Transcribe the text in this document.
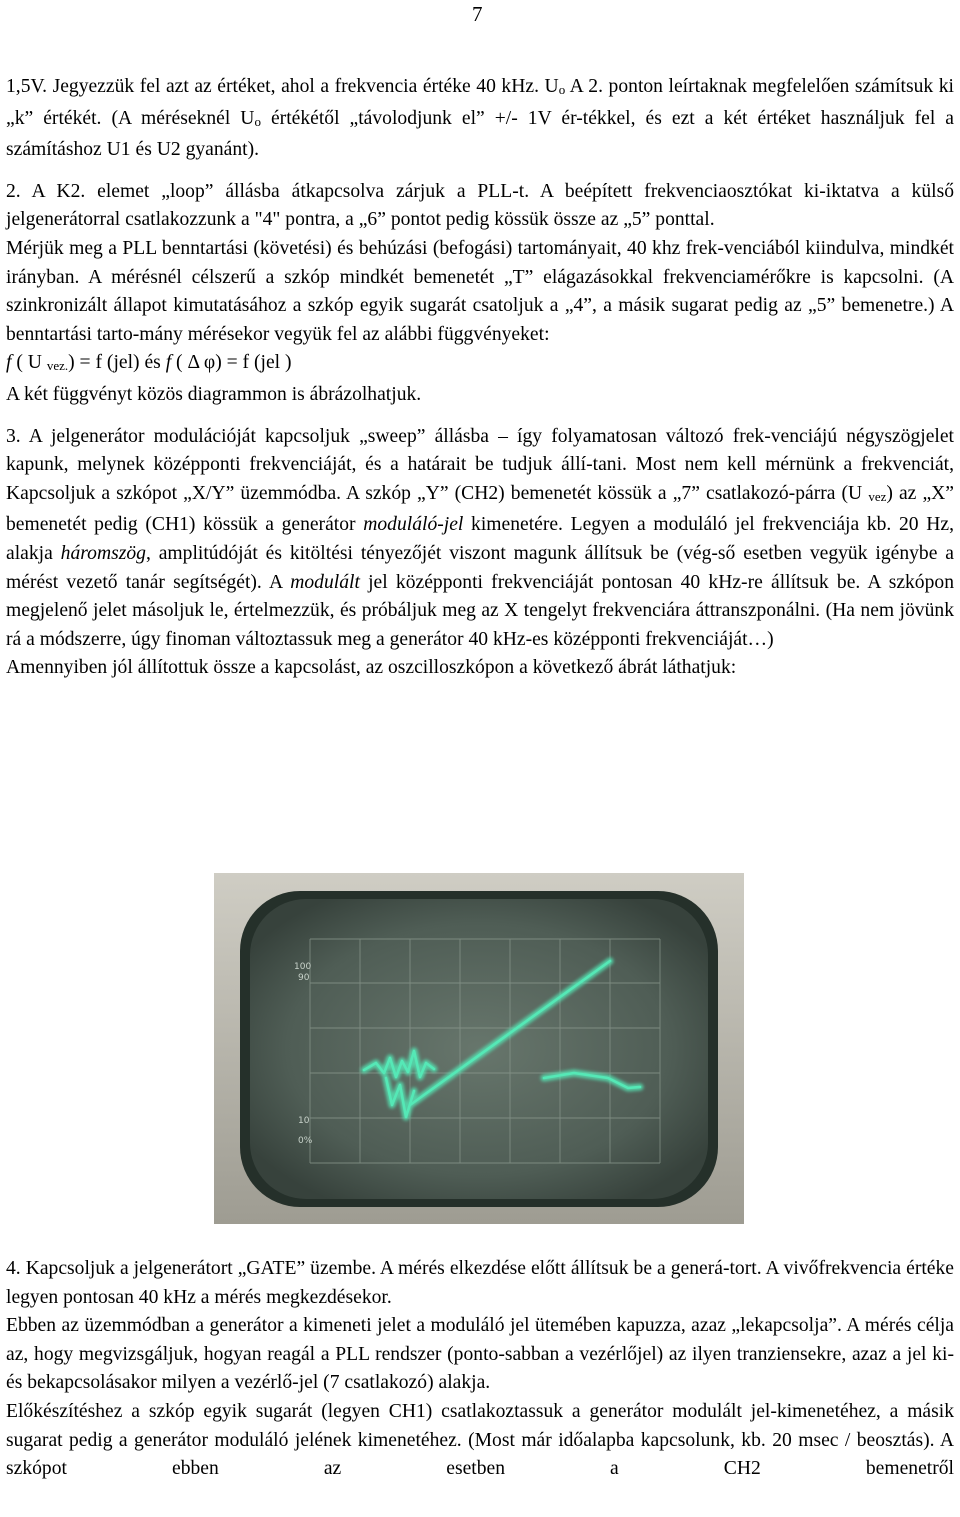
7

1,5V. Jegyezzük fel azt az értéket, ahol a frekvencia értéke 40 kHz. Uo A 2. ponton leírtaknak megfelelően számítsuk ki „k” értékét. (A méréseknél Uo értékétől „távolodjunk el” +/- 1V ér-tékkel, és ezt a két értéket használjuk fel a számításhoz U1 és U2 gyanánt).

2. A K2. elemet „loop” állásba átkapcsolva zárjuk a PLL-t. A beépített frekvenciaosztókat ki-iktatva a külső jelgenerátorral csatlakozzunk a "4" pontra, a „6” pontot pedig kössük össze az „5” ponttal.

Mérjük meg a PLL benntartási (követési) és behúzási (befogási) tartományait, 40 khz frek-venciából kiindulva, mindkét irányban. A mérésnél célszerű a szkóp mindkét bemenetét „T” elágazásokkal frekvenciamérőkre is kapcsolni. (A szinkronizált állapot kimutatásához a szkóp egyik sugarát csatoljuk a „4”, a másik sugarat pedig az „5” bemenetre.) A benntartási tarto-mány mérésekor vegyük fel az alábbi függvényeket:

f ( U vez.) = f (jel) és f ( Δ φ) = f (jel )

A két függvényt közös diagrammon is ábrázolhatjuk.

3. A jelgenerátor modulációját kapcsoljuk „sweep” állásba – így folyamatosan változó frek-venciájú négyszögjelet kapunk, melynek középponti frekvenciáját, és a határait be tudjuk állí-tani. Most nem kell mérnünk a frekvenciát, Kapcsoljuk a szkópot „X/Y” üzemmódba. A szkóp „Y” (CH2) bemenetét kössük a „7” csatlakozó-párra (U vez) az „X” bemenetét pedig (CH1) kössük a generátor moduláló-jel kimenetére. Legyen a moduláló jel frekvenciája kb. 20 Hz, alakja háromszög, amplitúdóját és kitöltési tényezőjét viszont magunk állítsuk be (vég-ső esetben vegyük igénybe a mérést vezető tanár segítségét). A modulált jel középponti frekvenciáját pontosan 40 kHz-re állítsuk be. A szkópon megjelenő jelet másoljuk le, értelmezzük, és próbáljuk meg az X tengelyt frekvenciára áttranszponálni. (Ha nem jövünk rá a módszerre, úgy finoman változtassuk meg a generátor 40 kHz-es középponti frekvenciáját…)

Amennyiben jól állítottuk össze a kapcsolást, az oszcilloszkópon a következő ábrát láthatjuk:

100
90
10
0%

4. Kapcsoljuk a jelgenerátort „GATE” üzembe. A mérés elkezdése előtt állítsuk be a generá-tort. A vivőfrekvencia értéke legyen pontosan 40 kHz a mérés megkezdésekor.

Ebben az üzemmódban a generátor a kimeneti jelet a moduláló jel ütemében kapuzza, azaz „lekapcsolja”. A mérés célja az, hogy megvizsgáljuk, hogyan reagál a PLL rendszer (ponto-sabban a vezérlőjel) az ilyen tranziensekre, azaz a jel ki-és bekapcsolásakor milyen a vezérlő-jel (7 csatlakozó) alakja.

Előkészítéshez a szkóp egyik sugarát (legyen CH1) csatlakoztassuk a generátor modulált jel-kimenetéhez, a másik sugarat pedig a generátor moduláló jelének kimenetéhez. (Most már időalapba kapcsolunk, kb. 20 msec / beosztás). A szkópot ebben az esetben a CH2 bemenetről
